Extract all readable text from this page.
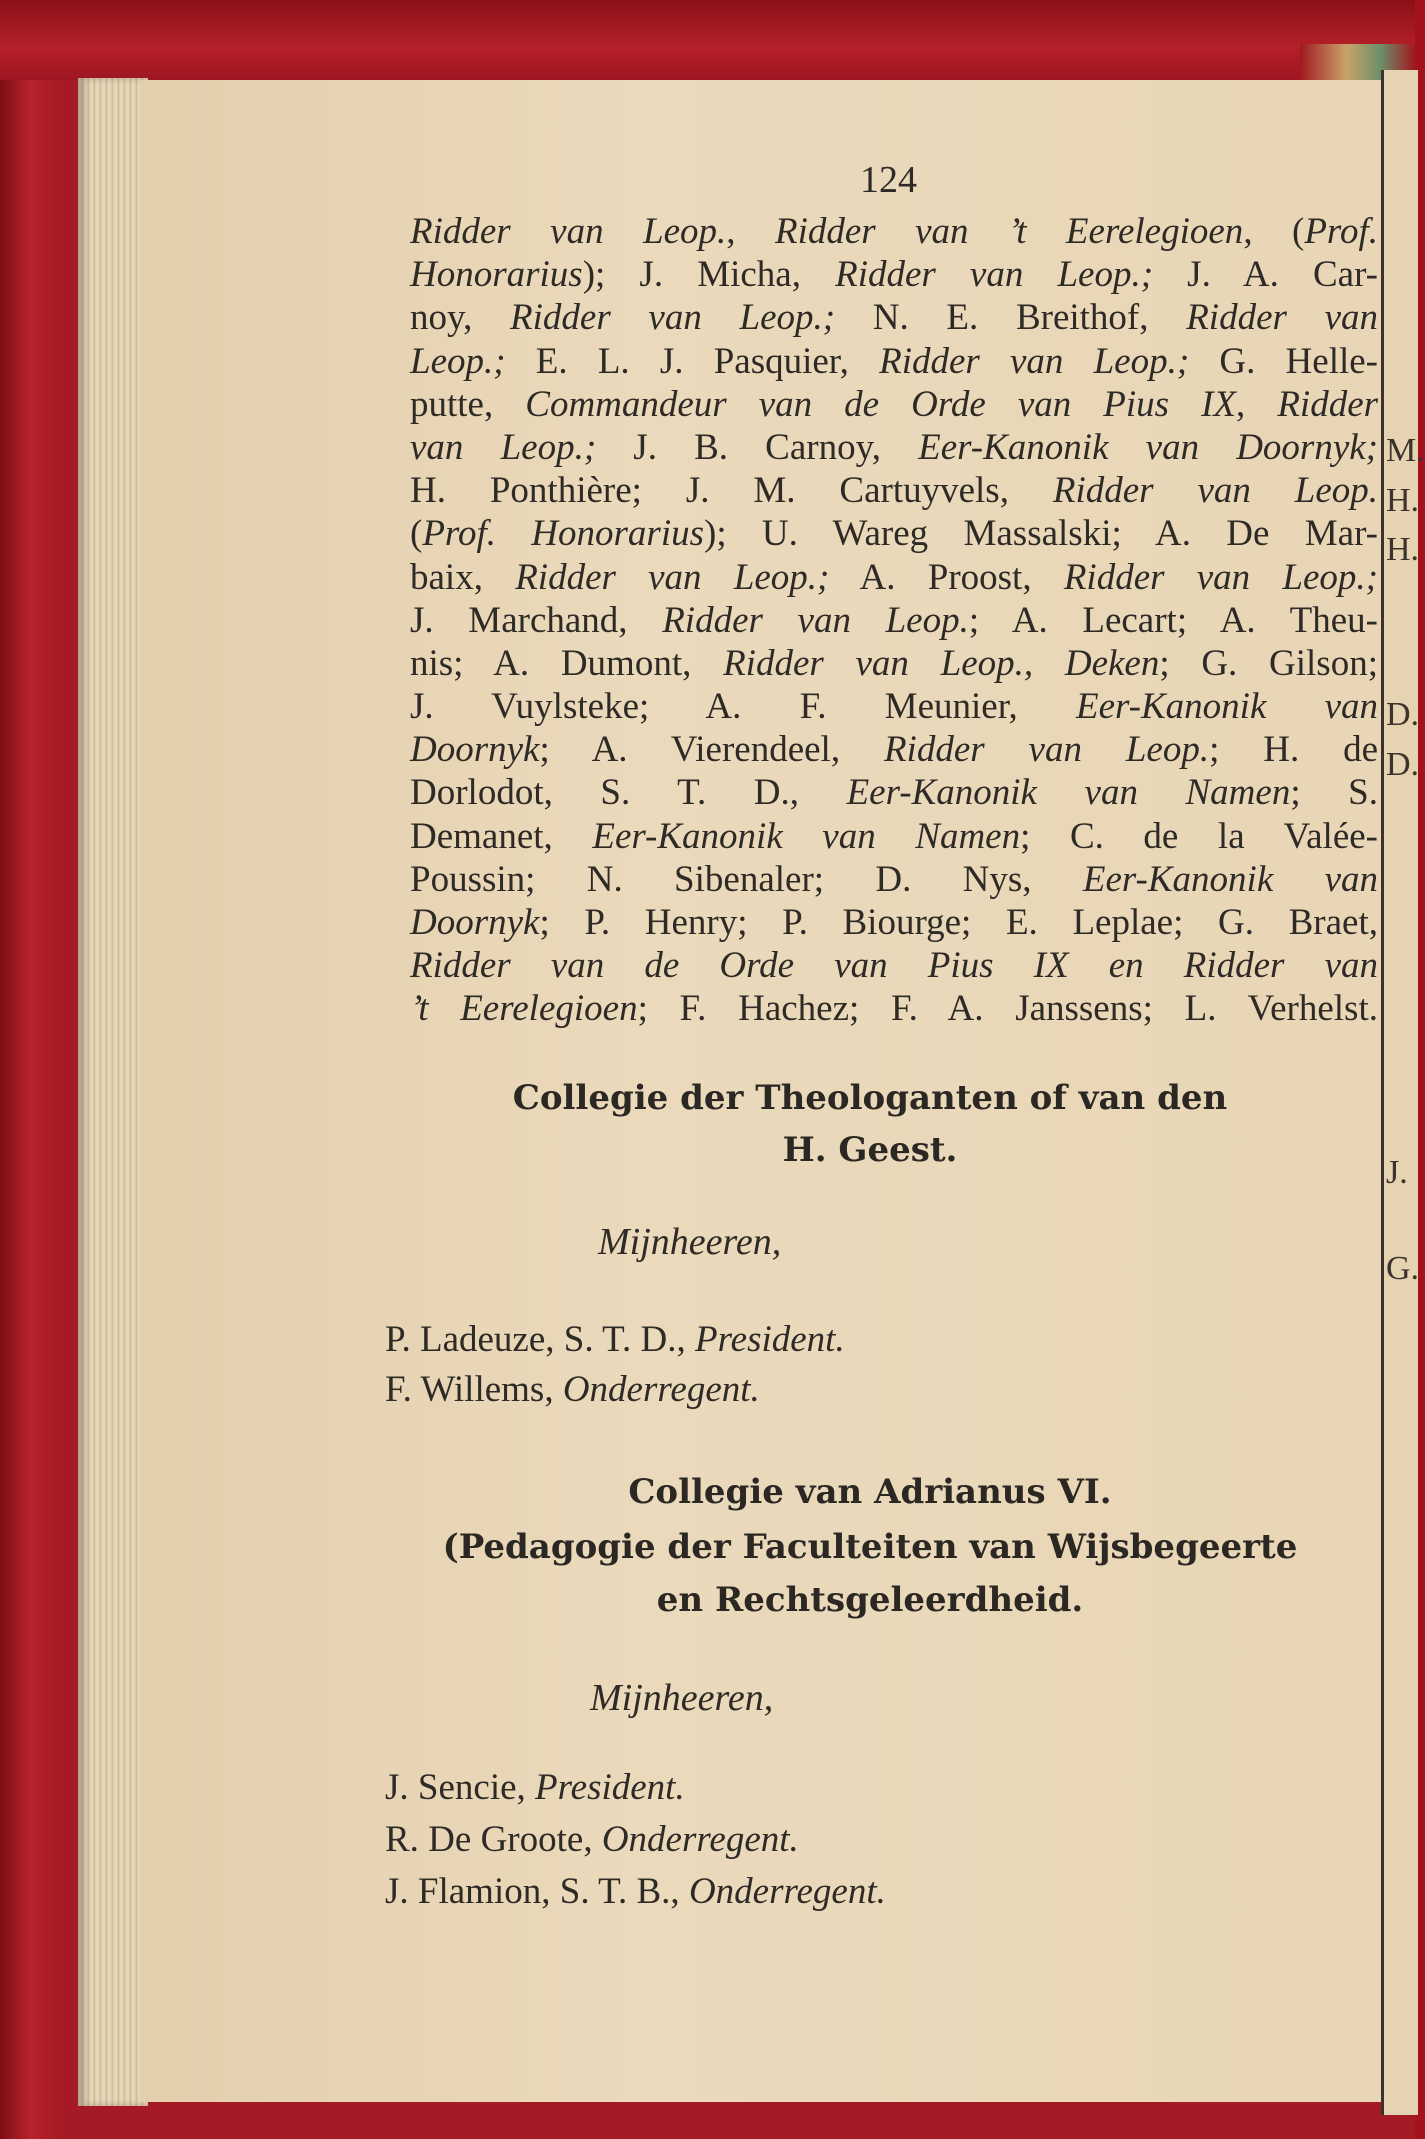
124
Ridder van Leop., Ridder van ’t Eerelegioen, (Prof.
Honorarius); J. Micha, Ridder van Leop.; J. A. Car-
noy, Ridder van Leop.; N. E. Breithof, Ridder van
Leop.; E. L. J. Pasquier, Ridder van Leop.; G. Helle-
putte, Commandeur van de Orde van Pius IX, Ridder
van Leop.; J. B. Carnoy, Eer-Kanonik van Doornyk;
H. Ponthière; J. M. Cartuyvels, Ridder van Leop.
(Prof. Honorarius); U. Wareg Massalski; A. De Mar-
baix, Ridder van Leop.; A. Proost, Ridder van Leop.;
J. Marchand, Ridder van Leop.; A. Lecart; A. Theu-
nis; A. Dumont, Ridder van Leop., Deken; G. Gilson;
J. Vuylsteke; A. F. Meunier, Eer-Kanonik van
Doornyk; A. Vierendeel, Ridder van Leop.; H. de
Dorlodot, S. T. D., Eer-Kanonik van Namen; S.
Demanet, Eer-Kanonik van Namen; C. de la Valée-
Poussin; N. Sibenaler; D. Nys, Eer-Kanonik van
Doornyk; P. Henry; P. Biourge; E. Leplae; G. Braet,
Ridder van de Orde van Pius IX en Ridder van
’t Eerelegioen; F. Hachez; F. A. Janssens; L. Verhelst.
Collegie der Theologanten of van den
H. Geest.
Mijnheeren,
P. Ladeuze, S. T. D., President.
F. Willems, Onderregent.
Collegie van Adrianus VI.
(Pedagogie der Faculteiten van Wijsbegeerte
en Rechtsgeleerdheid.
Mijnheeren,
J. Sencie, President.
R. De Groote, Onderregent.
J. Flamion, S. T. B., Onderregent.
M.
H.
H.
D.
D.
J.
G.
